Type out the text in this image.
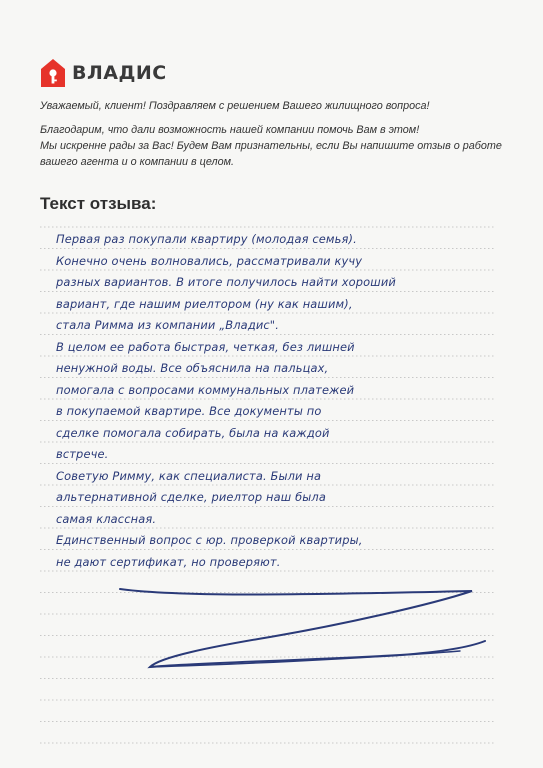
ВЛАДИС

Уважаемый, клиент! Поздравляем с решением Вашего жилищного вопроса!

Благодарим, что дали возможность нашей компании помочь Вам в этом!

Мы искренне рады за Вас! Будем Вам признательны, если Вы напишите отзыв о работе

вашего агента и о компании в целом.

Текст отзыва:
Первая раз покупали квартиру (молодая семья).
Конечно очень волновались, рассматривали кучу
разных вариантов. В итоге получилось найти хороший
вариант, где нашим риелтором (ну как нашим),
стала Римма из компании „Владис".
В целом ее работа быстрая, четкая, без лишней
ненужной воды. Все объяснила на пальцах,
помогала с вопросами коммунальных платежей
в покупаемой квартире. Все документы по
сделке помогала собирать, была на каждой
встрече.
Советую Римму, как специалиста. Были на
альтернативной сделке, риелтор наш была
самая классная.
Единственный вопрос с юр. проверкой квартиры,
не дают сертификат, но проверяют.
